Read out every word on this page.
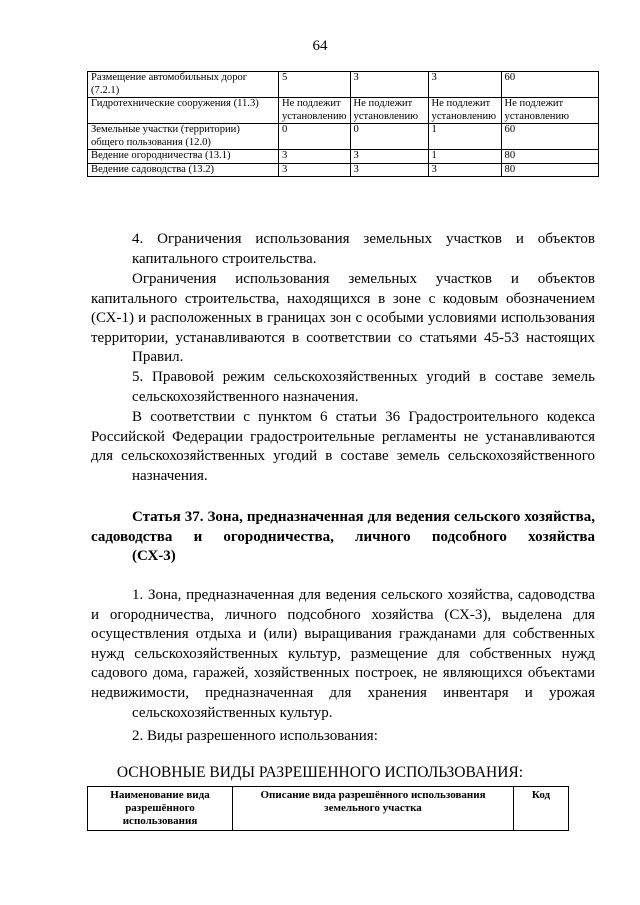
64
Размещение автомобильных дорог (7.2.1)	5	3	3	60
Гидротехнические сооружения (11.3)	Не подлежит установлению	Не подлежит установлению	Не подлежит установлению	Не подлежит установлению
Земельные участки (территории) общего пользования (12.0)	0	0	1	60
Ведение огородничества (13.1)	3	3	1	80
Ведение садоводства (13.2)	3	3	3	80

4. Ограничения использования земельных участков и объектов
капитального строительства.

Ограничения использования земельных участков и объектов капитального строительства, находящихся в зоне с кодовым обозначением (СХ-1) и расположенных в границах зон с особыми условиями использования территории, устанавливаются в соответствии со статьями 45-53 настоящих
Правил.

5. Правовой режим сельскохозяйственных угодий в составе земель
сельскохозяйственного назначения.

В соответствии с пунктом 6 статьи 36 Градостроительного кодекса Российской Федерации градостроительные регламенты не устанавливаются для сельскохозяйственных угодий в составе земель сельскохозяйственного
назначения.

Статья 37. Зона, предназначенная для ведения сельского хозяйства, садоводства и огородничества, личного подсобного хозяйства
(СХ-3)

1. Зона, предназначенная для ведения сельского хозяйства, садоводства и огородничества, личного подсобного хозяйства (СХ-3), выделена для осуществления отдыха и (или) выращивания гражданами для собственных нужд сельскохозяйственных культур, размещение для собственных нужд садового дома, гаражей, хозяйственных построек, не являющихся объектами недвижимости, предназначенная для хранения инвентаря и урожая
сельскохозяйственных культур.

2. Виды разрешенного использования:

ОСНОВНЫЕ ВИДЫ РАЗРЕШЕННОГО ИСПОЛЬЗОВАНИЯ:
Наименование вида разрешённого использования	Описание вида разрешённого использования земельного участка	Код
